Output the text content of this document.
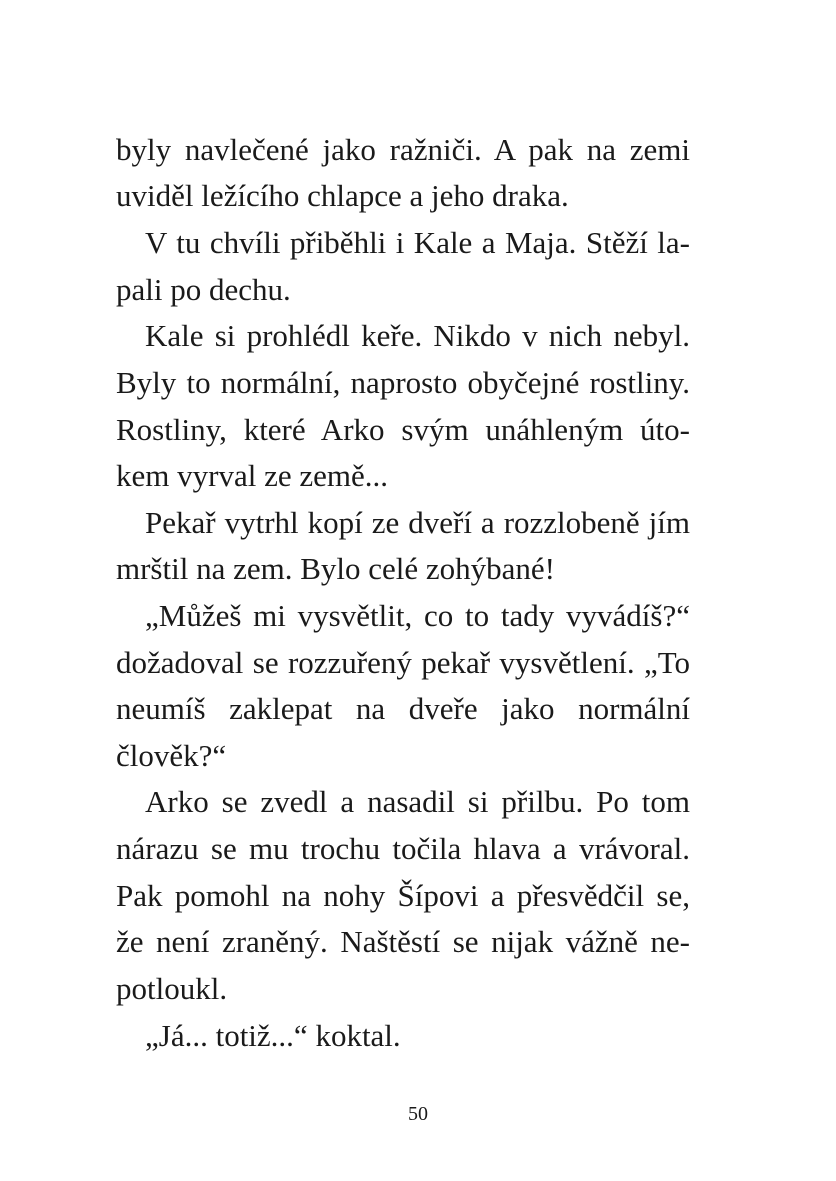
byly navlečené jako ražniči. A pak na zemi
uviděl ležícího chlapce a jeho draka.
V tu chvíli přiběhli i Kale a Maja. Stěží la-
pali po dechu.
Kale si prohlédl keře. Nikdo v nich nebyl.
Byly to normální, naprosto obyčejné rostliny.
Rostliny, které Arko svým unáhleným úto-
kem vyrval ze země...
Pekař vytrhl kopí ze dveří a rozzlobeně jím
mrštil na zem. Bylo celé zohýbané!
„Můžeš mi vysvětlit, co to tady vyvádíš?“
dožadoval se rozzuřený pekař vysvětlení. „To
neumíš zaklepat na dveře jako normální
člověk?“
Arko se zvedl a nasadil si přilbu. Po tom
nárazu se mu trochu točila hlava a vrávoral.
Pak pomohl na nohy Šípovi a přesvědčil se,
že není zraněný. Naštěstí se nijak vážně ne-
potloukl.
„Já... totiž...“ koktal.
50
